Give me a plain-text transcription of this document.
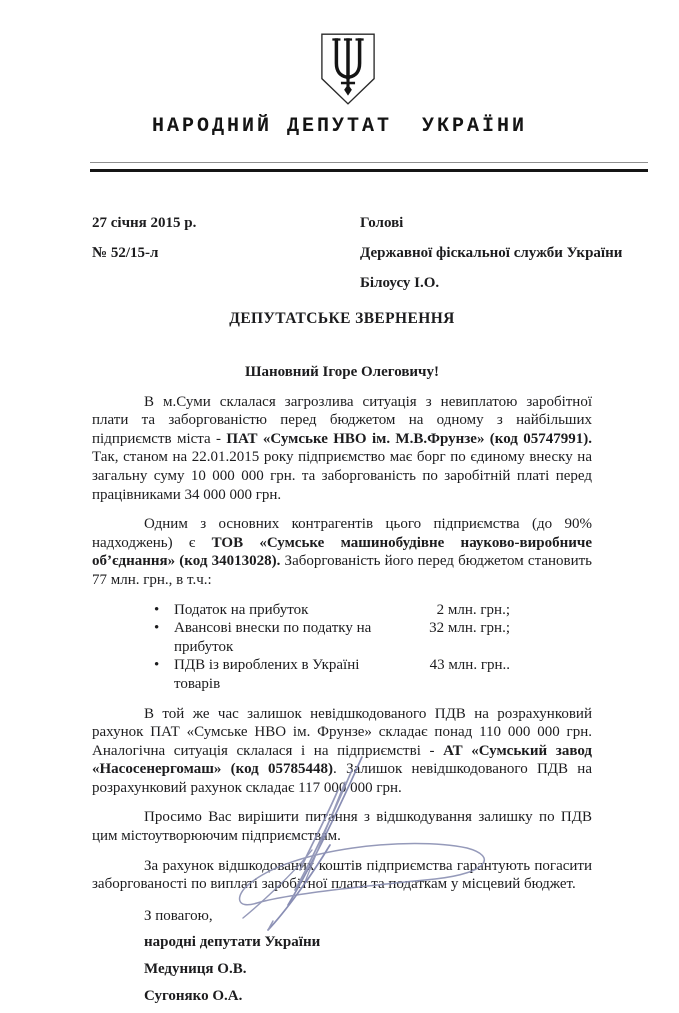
НАРОДНИЙ ДЕПУТАТ  УКРАЇНИ
27 січня 2015 р.
№ 52/15-л
Голові
Державної фіскальної служби України
Білоусу І.О.
ДЕПУТАТСЬКЕ ЗВЕРНЕННЯ

Шановний Ігоре Олеговичу!

В м.Суми склалася загрозлива ситуація з невиплатою заробітної плати та заборгованістю перед бюджетом на одному з найбільших підприємств міста - ПАТ «Сумське НВО ім. М.В.Фрунзе» (код 05747991). Так, станом на 22.01.2015 року підприємство має борг по єдиному внеску на загальну суму 10 000 000 грн. та заборгованість по заробітній платі перед працівниками 34 000 000 грн.

Одним з основних контрагентів цього підприємства (до 90% надходжень) є ТОВ «Сумське машинобудівне науково-виробниче об’єднання» (код 34013028). Заборгованість його перед бюджетом становить 77 млн. грн., в т.ч.:

• Податок на прибуток	2 млн. грн.;
• Авансові внески по податку на прибуток
32 млн. грн.;
• ПДВ із вироблених в Україні товарів
43 млн. грн..

В той же час залишок невідшкодованого ПДВ на розрахунковий рахунок ПАТ «Сумське НВО ім. Фрунзе» складає понад 110 000 000 грн. Аналогічна ситуація склалася і на підприємстві - АТ «Сумський завод «Насосенергомаш» (код 05785448). Залишок невідшкодованого ПДВ на розрахунковий рахунок складає 117 000 000 грн.

Просимо Вас вирішити питання з відшкодування залишку по ПДВ цим містоутворюючим підприємствам.

За рахунок відшкодованих коштів підприємства гарантують погасити заборгованості по виплаті заробітної плати та податкам у місцевий бюджет.

З повагою,

народні депутати України

Медуниця О.В.

Сугоняко О.А.
